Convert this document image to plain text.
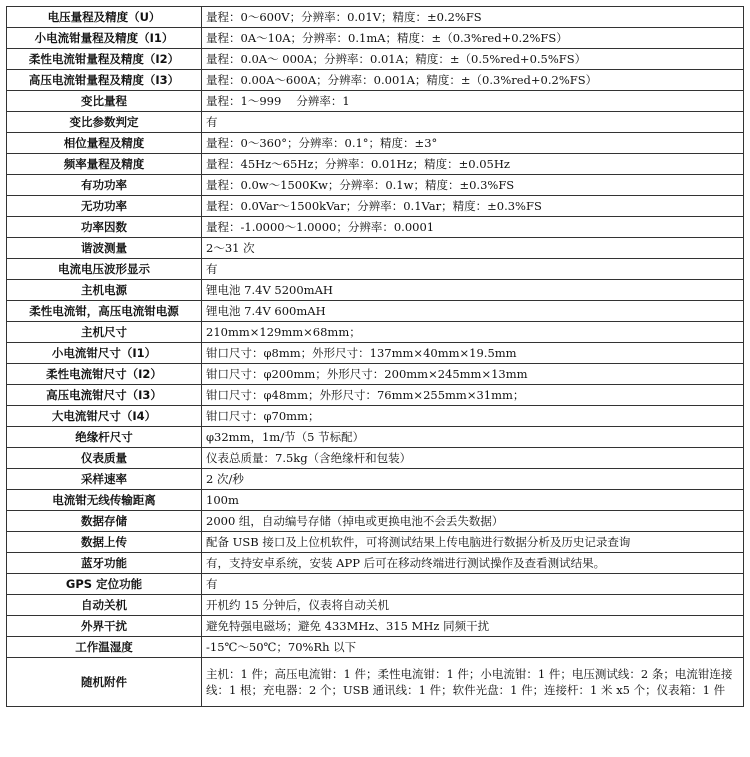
电压量程及精度（U）	量程：0～600V；分辨率：0.01V；精度：±0.2%FS
小电流钳量程及精度（I1）	量程：0A～10A；分辨率：0.1mA；精度：±（0.3%red+0.2%FS）
柔性电流钳量程及精度（I2）	量程：0.0A～ 000A；分辨率：0.01A；精度：±（0.5%red+0.5%FS）
高压电流钳量程及精度（I3）	量程：0.00A～600A；分辨率：0.001A；精度：±（0.3%red+0.2%FS）
变比量程	量程：1～999　 分辨率：1
变比参数判定	有
相位量程及精度	量程：0～360°；分辨率：0.1°；精度：±3°
频率量程及精度	量程：45Hz～65Hz；分辨率：0.01Hz；精度：±0.05Hz
有功功率	量程：0.0w～1500Kw；分辨率：0.1w；精度：±0.3%FS
无功功率	量程：0.0Var～1500kVar；分辨率：0.1Var；精度：±0.3%FS
功率因数	量程：-1.0000～1.0000；分辨率：0.0001
谐波测量	2～31 次
电流电压波形显示	有
主机电源	锂电池 7.4V 5200mAH
柔性电流钳，高压电流钳电源	锂电池 7.4V 600mAH
主机尺寸	210mm×129mm×68mm；
小电流钳尺寸（I1）	钳口尺寸：φ8mm；外形尺寸：137mm×40mm×19.5mm
柔性电流钳尺寸（I2）	钳口尺寸：φ200mm；外形尺寸：200mm×245mm×13mm
高压电流钳尺寸（I3）	钳口尺寸：φ48mm；外形尺寸：76mm×255mm×31mm；
大电流钳尺寸（I4）	钳口尺寸：φ70mm；
绝缘杆尺寸	φ32mm，1m/节（5 节标配）
仪表质量	仪表总质量：7.5kg（含绝缘杆和包装）
采样速率	2 次/秒
电流钳无线传输距离	100m
数据存储	2000 组，自动编号存储（掉电或更换电池不会丢失数据）
数据上传	配备 USB 接口及上位机软件，可将测试结果上传电脑进行数据分析及历史记录查询
蓝牙功能	有，支持安卓系统，安装 APP 后可在移动终端进行测试操作及查看测试结果。
GPS 定位功能	有
自动关机	开机约 15 分钟后，仪表将自动关机
外界干扰	避免特强电磁场；避免 433MHz、315 MHz 同频干扰
工作温湿度	-15℃～50℃；70%Rh 以下
随机附件	主机：1 件；高压电流钳：1 件；柔性电流钳：1 件；小电流钳：1 件；电压测试线：2 条；电流钳连接线：1 根；充电器：2 个；USB 通讯线：1 件；软件光盘：1 件；连接杆：1 米 x5 个；仪表箱：1 件
